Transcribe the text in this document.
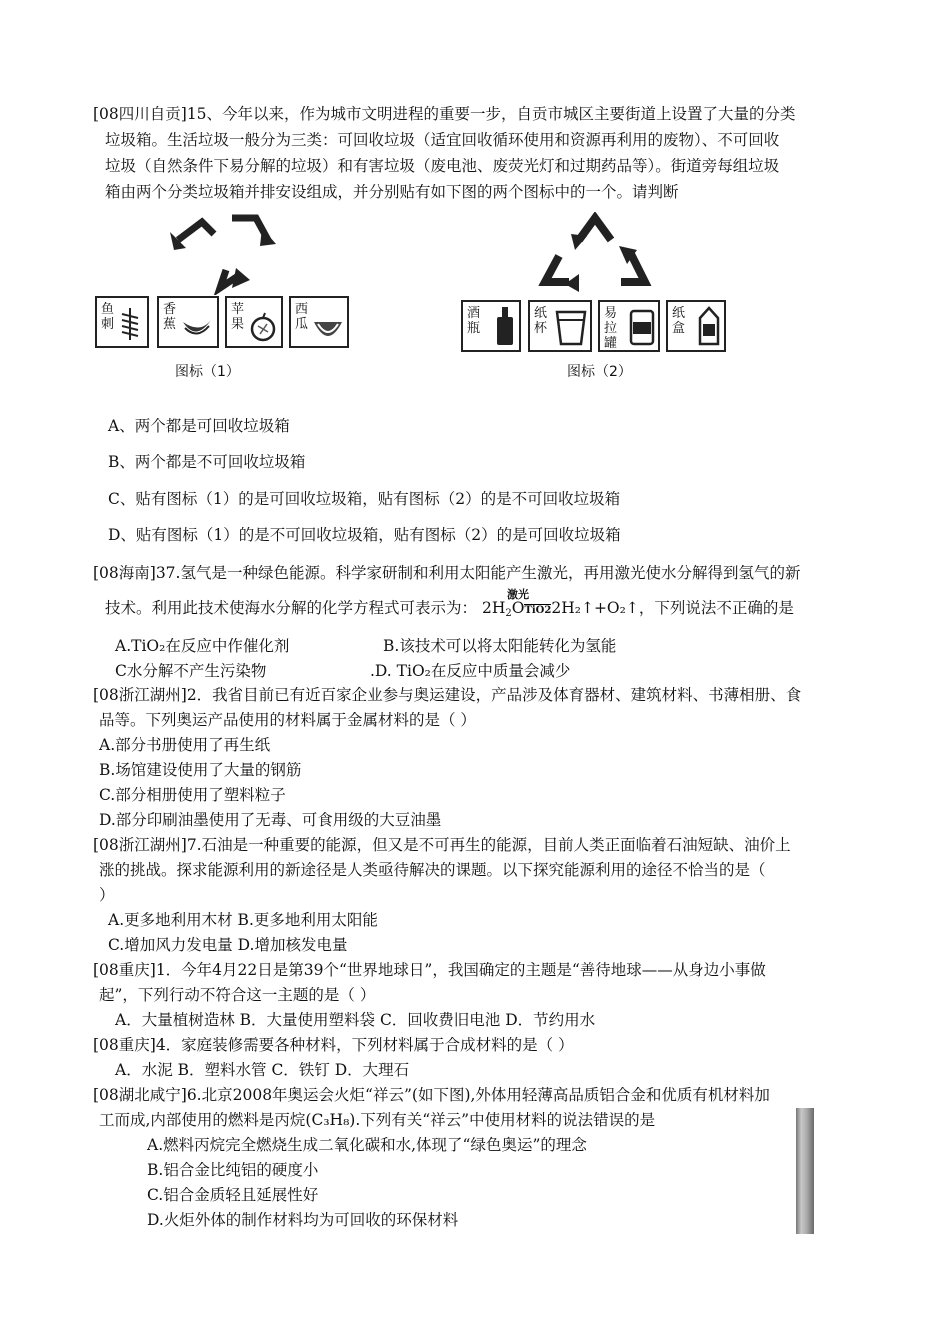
[08四川自贡]15、今年以来，作为城市文明进程的重要一步，自贡市城区主要街道上设置了大量的分类
垃圾箱。生活垃圾一般分为三类：可回收垃圾（适宜回收循环使用和资源再利用的废物）、不可回收
垃圾（自然条件下易分解的垃圾）和有害垃圾（废电池、废荧光灯和过期药品等）。街道旁每组垃圾
箱由两个分类垃圾箱并排安设组成，并分别贴有如下图的两个图标中的一个。请判断
鱼刺
香蕉
苹果
西瓜
图标（1）
酒瓶
纸杯
易拉罐
纸盒
图标（2）
A、两个都是可回收垃圾箱
B、两个都是不可回收垃圾箱
C、贴有图标（1）的是可回收垃圾箱，贴有图标（2）的是不可回收垃圾箱
D、贴有图标（1）的是不可回收垃圾箱，贴有图标（2）的是可回收垃圾箱
[08海南]37.氢气是一种绿色能源。科学家研制和利用太阳能产生激光，再用激光使水分解得到氢气的新
技术。利用此技术使海水分解的化学方程式可表示为： $2H_2O$
激光
TiO22H₂↑+O₂↑，下列说法不正确的是
A.TiO₂在反应中作催化剂	B.该技术可以将太阳能转化为氢能
C水分解不产生污染物	.D. TiO₂在反应中质量会减少
[08浙江湖州]2．我省目前已有近百家企业参与奥运建设，产品涉及体育器材、建筑材料、书薄相册、食
品等。下列奥运产品使用的材料属于金属材料的是（ ）
A.部分书册使用了再生纸
B.场馆建设使用了大量的钢筋
C.部分相册使用了塑料粒子
D.部分印刷油墨使用了无毒、可食用级的大豆油墨
[08浙江湖州]7.石油是一种重要的能源，但又是不可再生的能源，目前人类正面临着石油短缺、油价上
涨的挑战。探求能源利用的新途径是人类亟待解决的课题。以下探究能源利用的途径不恰当的是（
）
A.更多地利用木材 B.更多地利用太阳能
C.增加风力发电量 D.增加核发电量
[08重庆]1．今年4月22日是第39个“世界地球日”，我国确定的主题是“善待地球——从身边小事做
起”，下列行动不符合这一主题的是（ ）
A．大量植树造林 B．大量使用塑料袋 C．回收费旧电池 D．节约用水
[08重庆]4．家庭装修需要各种材料，下列材料属于合成材料的是（ ）
A．水泥 B．塑料水管 C．铁钉 D．大理石
[08湖北咸宁]6.北京2008年奥运会火炬“祥云”(如下图),外体用轻薄高品质铝合金和优质有机材料加
工而成,内部使用的燃料是丙烷(C₃H₈).下列有关“祥云”中使用材料的说法错误的是
A.燃料丙烷完全燃烧生成二氧化碳和水,体现了“绿色奥运”的理念
B.铝合金比纯铝的硬度小
C.铝合金质轻且延展性好
D.火炬外体的制作材料均为可回收的环保材料
